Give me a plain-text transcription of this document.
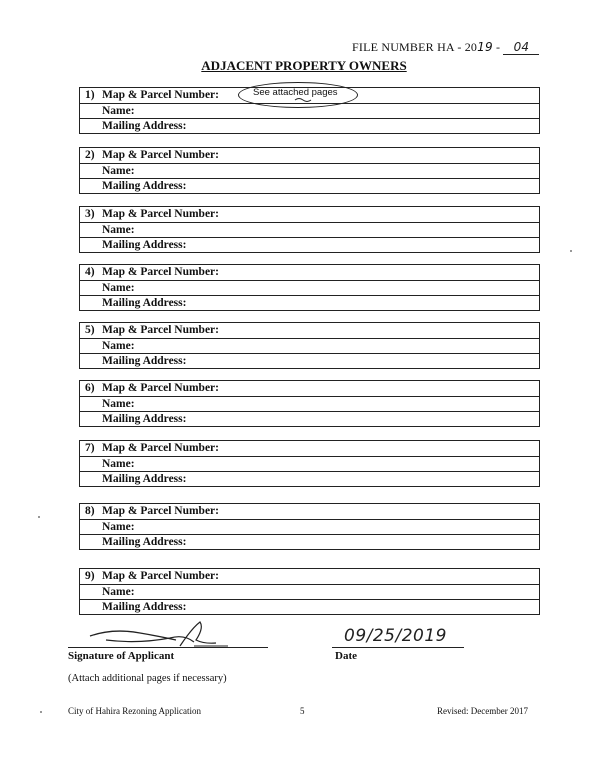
FILE NUMBER HA - 2019 - 04
ADJACENT PROPERTY OWNERS
1) Map & Parcel Number:
Name:
Mailing Address:
2) Map & Parcel Number:
Name:
Mailing Address:
3) Map & Parcel Number:
Name:
Mailing Address:
4) Map & Parcel Number:
Name:
Mailing Address:
5) Map & Parcel Number:
Name:
Mailing Address:
6) Map & Parcel Number:
Name:
Mailing Address:
7) Map & Parcel Number:
Name:
Mailing Address:
8) Map & Parcel Number:
Name:
Mailing Address:
9) Map & Parcel Number:
Name:
Mailing Address:
See attached pages
Signature of Applicant
09/25/2019
Date
(Attach additional pages if necessary)
City of Hahira Rezoning Application	5	Revised: December 2017
